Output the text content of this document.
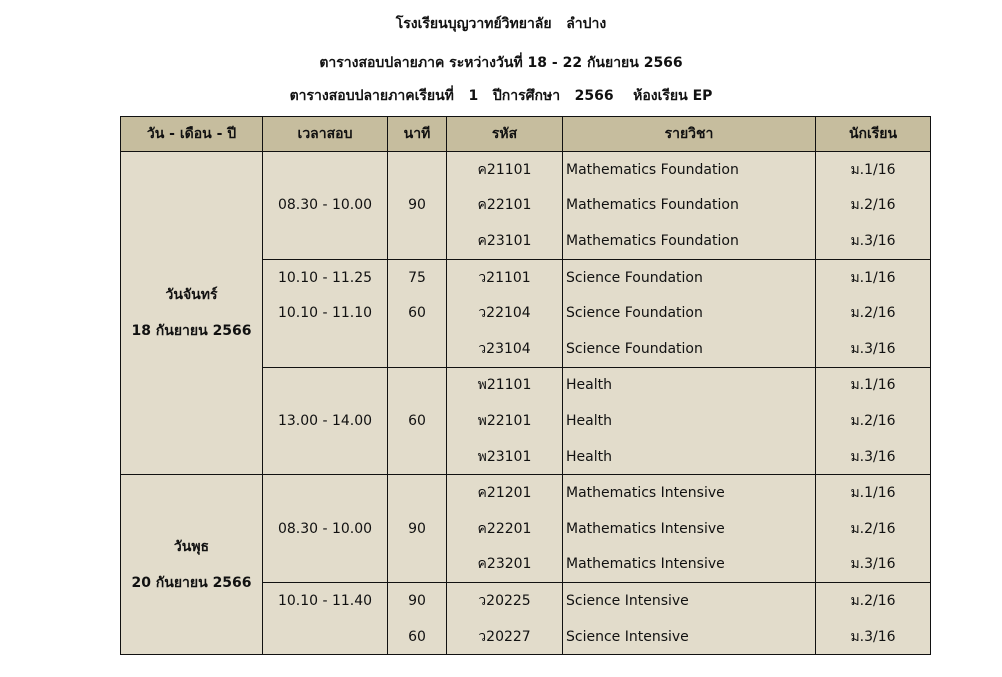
โรงเรียนบุญวาทย์วิทยาลัย   ลำปาง
ตารางสอบปลายภาค ระหว่างวันที่ 18 - 22 กันยายน 2566
ตารางสอบปลายภาคเรียนที่   1   ปีการศึกษา   2566    ห้องเรียน EP
วัน - เดือน - ปี	เวลาสอบ	นาที	รหัส	รายวิชา	นักเรียน

วันจันทร์
18 กันยายน 2566	08.30 - 10.00	90	ค21101	Mathematics Foundation	ม.1/16
			ค22101	Mathematics Foundation	ม.2/16
			ค23101	Mathematics Foundation	ม.3/16
	10.10 - 11.25	75	ว21101	Science Foundation	ม.1/16
	10.10 - 11.10	60	ว22104	Science Foundation	ม.2/16
			ว23104	Science Foundation	ม.3/16
	13.00 - 14.00	60	พ21101	Health	ม.1/16
			พ22101	Health	ม.2/16
			พ23101	Health	ม.3/16

วันพุธ
20 กันยายน 2566	08.30 - 10.00	90	ค21201	Mathematics Intensive	ม.1/16
			ค22201	Mathematics Intensive	ม.2/16
			ค23201	Mathematics Intensive	ม.3/16
	10.10 - 11.40	90	ว20225	Science Intensive	ม.2/16
		60	ว20227	Science Intensive	ม.3/16
